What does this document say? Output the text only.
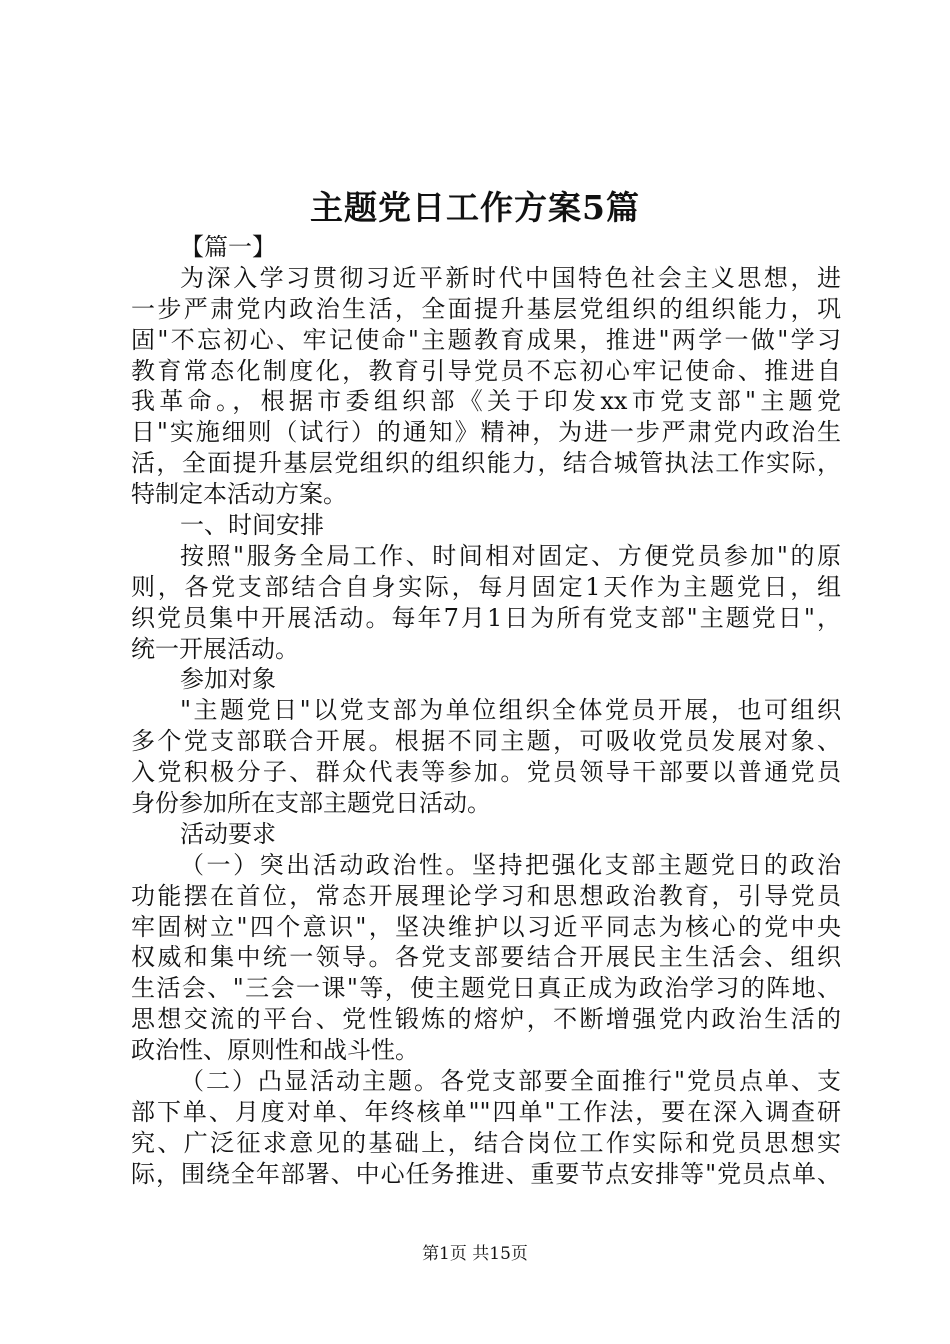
主题党日工作方案5篇
【篇一】
为深入学习贯彻习近平新时代中国特色社会主义思想，进
一步严肃党内政治生活，全面提升基层党组织的组织能力，巩
固"不忘初心、牢记使命"主题教育成果，推进"两学一做"学习
教育常态化制度化，教育引导党员不忘初心牢记使命、推进自
我革命。，根据市委组织部《关于印发xx市党支部"主题党
日"实施细则（试行）的通知》精神，为进一步严肃党内政治生
活，全面提升基层党组织的组织能力，结合城管执法工作实际，
特制定本活动方案。
一、时间安排
按照"服务全局工作、时间相对固定、方便党员参加"的原
则，各党支部结合自身实际，每月固定1天作为主题党日，组
织党员集中开展活动。每年7月1日为所有党支部"主题党日"，
统一开展活动。
参加对象
"主题党日"以党支部为单位组织全体党员开展，也可组织
多个党支部联合开展。根据不同主题，可吸收党员发展对象、
入党积极分子、群众代表等参加。党员领导干部要以普通党员
身份参加所在支部主题党日活动。
活动要求
（一）突出活动政治性。坚持把强化支部主题党日的政治
功能摆在首位，常态开展理论学习和思想政治教育，引导党员
牢固树立"四个意识"，坚决维护以习近平同志为核心的党中央
权威和集中统一领导。各党支部要结合开展民主生活会、组织
生活会、"三会一课"等，使主题党日真正成为政治学习的阵地、
思想交流的平台、党性锻炼的熔炉，不断增强党内政治生活的
政治性、原则性和战斗性。
（二）凸显活动主题。各党支部要全面推行"党员点单、支
部下单、月度对单、年终核单""四单"工作法，要在深入调查研
究、广泛征求意见的基础上，结合岗位工作实际和党员思想实
际，围绕全年部署、中心任务推进、重要节点安排等"党员点单、
第1页 共15页
